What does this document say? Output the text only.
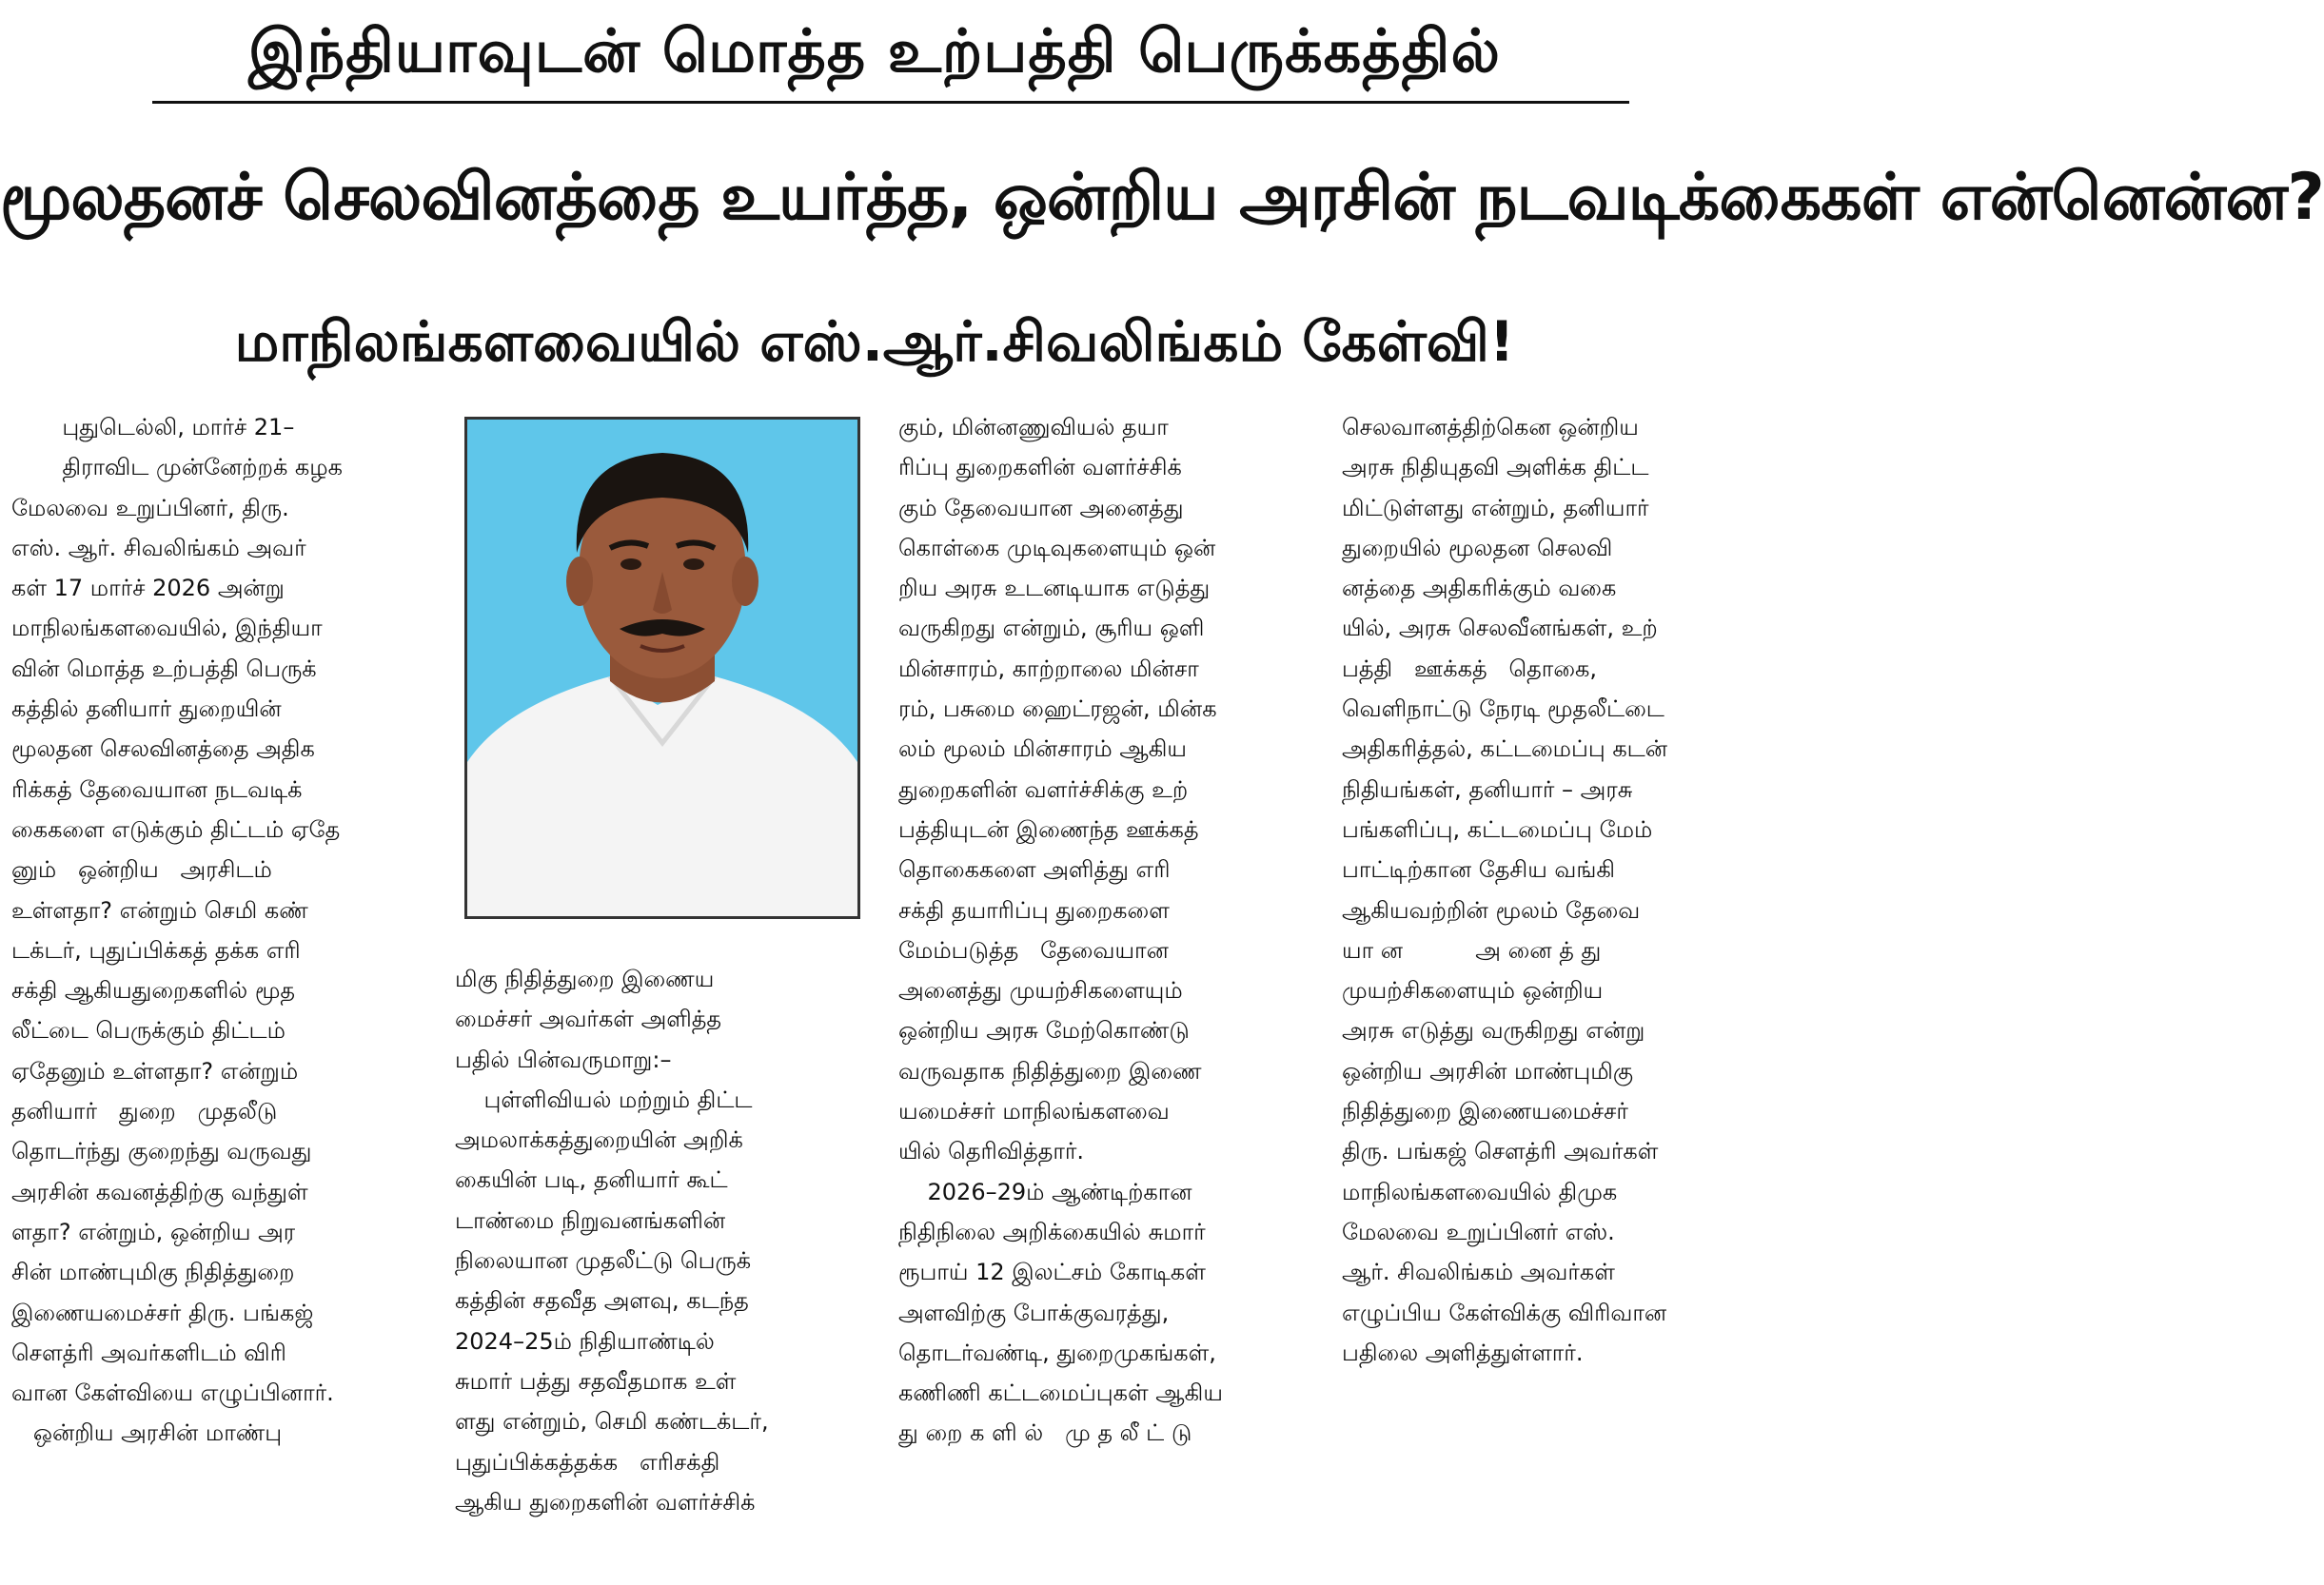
இந்தியாவுடன் மொத்த உற்பத்தி பெருக்கத்தில்
மூலதனச் செலவினத்தை உயர்த்த, ஒன்றிய அரசின் நடவடிக்கைகள் என்னென்ன?
மாநிலங்களவையில் எஸ்.ஆர்.சிவலிங்கம் கேள்வி!
புதுடெல்லி, மார்ச் 21–
திராவிட முன்னேற்றக் கழக
மேலவை உறுப்பினர், திரு.
எஸ். ஆர். சிவலிங்கம் அவர்
கள் 17 மார்ச் 2026 அன்று
மாநிலங்களவையில், இந்தியா
வின் மொத்த உற்பத்தி பெருக்
கத்தில் தனியார் துறையின்
மூலதன செலவினத்தை அதிக
ரிக்கத் தேவையான நடவடிக்
கைகளை எடுக்கும் திட்டம் ஏதே
னும்   ஒன்றிய   அரசிடம்
உள்ளதா? என்றும் செமி கண்
டக்டர், புதுப்பிக்கத் தக்க எரி
சக்தி ஆகியதுறைகளில் மூத
லீட்டை பெருக்கும் திட்டம்
ஏதேனும் உள்ளதா? என்றும்
தனியார்   துறை   முதலீடு
தொடர்ந்து குறைந்து வருவது
அரசின் கவனத்திற்கு வந்துள்
ளதா? என்றும், ஒன்றிய அர
சின் மாண்புமிகு நிதித்துறை
இணையமைச்சர் திரு. பங்கஜ்
சௌத்ரி அவர்களிடம் விரி
வான கேள்வியை எழுப்பினார்.
ஒன்றிய அரசின் மாண்பு
மிகு நிதித்துறை இணைய
மைச்சர் அவர்கள் அளித்த
பதில் பின்வருமாறு:–
புள்ளிவியல் மற்றும் திட்ட
அமலாக்கத்துறையின் அறிக்
கையின் படி, தனியார் கூட்
டாண்மை நிறுவனங்களின்
நிலையான முதலீட்டு பெருக்
கத்தின் சதவீத அளவு, கடந்த
2024–25ம் நிதியாண்டில்
சுமார் பத்து சதவீதமாக உள்
ளது என்றும், செமி கண்டக்டர்,
புதுப்பிக்கத்தக்க   எரிசக்தி
ஆகிய துறைகளின் வளர்ச்சிக்
கும், மின்னணுவியல் தயா
ரிப்பு துறைகளின் வளர்ச்சிக்
கும் தேவையான அனைத்து
கொள்கை முடிவுகளையும் ஒன்
றிய அரசு உடனடியாக எடுத்து
வருகிறது என்றும், சூரிய ஒளி
மின்சாரம், காற்றாலை மின்சா
ரம், பசுமை ஹைட்ரஜன், மின்க
லம் மூலம் மின்சாரம் ஆகிய
துறைகளின் வளர்ச்சிக்கு உற்
பத்தியுடன் இணைந்த ஊக்கத்
தொகைகளை அளித்து எரி
சக்தி தயாரிப்பு துறைகளை
மேம்படுத்த   தேவையான
அனைத்து முயற்சிகளையும்
ஒன்றிய அரசு மேற்கொண்டு
வருவதாக நிதித்துறை இணை
யமைச்சர் மாநிலங்களவை
யில் தெரிவித்தார்.
2026–29ம் ஆண்டிற்கான
நிதிநிலை அறிக்கையில் சுமார்
ரூபாய் 12 இலட்சம் கோடிகள்
அளவிற்கு போக்குவரத்து,
தொடர்வண்டி, துறைமுகங்கள்,
கணிணி கட்டமைப்புகள் ஆகிய
து றை க ளி ல்   மு த லீ ட் டு
செலவானத்திற்கென ஒன்றிய
அரசு நிதியுதவி அளிக்க திட்ட
மிட்டுள்ளது என்றும், தனியார்
துறையில் மூலதன செலவி
னத்தை அதிகரிக்கும் வகை
யில், அரசு செலவீனங்கள், உற்
பத்தி   ஊக்கத்   தொகை,
வெளிநாட்டு நேரடி மூதலீட்டை
அதிகரித்தல், கட்டமைப்பு கடன்
நிதியங்கள், தனியார் – அரசு
பங்களிப்பு, கட்டமைப்பு மேம்
பாட்டிற்கான தேசிய வங்கி
ஆகியவற்றின் மூலம் தேவை
யா ன          அ னை த் து
முயற்சிகளையும் ஒன்றிய
அரசு எடுத்து வருகிறது என்று
ஒன்றிய அரசின் மாண்புமிகு
நிதித்துறை இணையமைச்சர்
திரு. பங்கஜ் சௌத்ரி அவர்கள்
மாநிலங்களவையில் திமுக
மேலவை உறுப்பினர் எஸ்.
ஆர். சிவலிங்கம் அவர்கள்
எழுப்பிய கேள்விக்கு விரிவான
பதிலை அளித்துள்ளார்.
